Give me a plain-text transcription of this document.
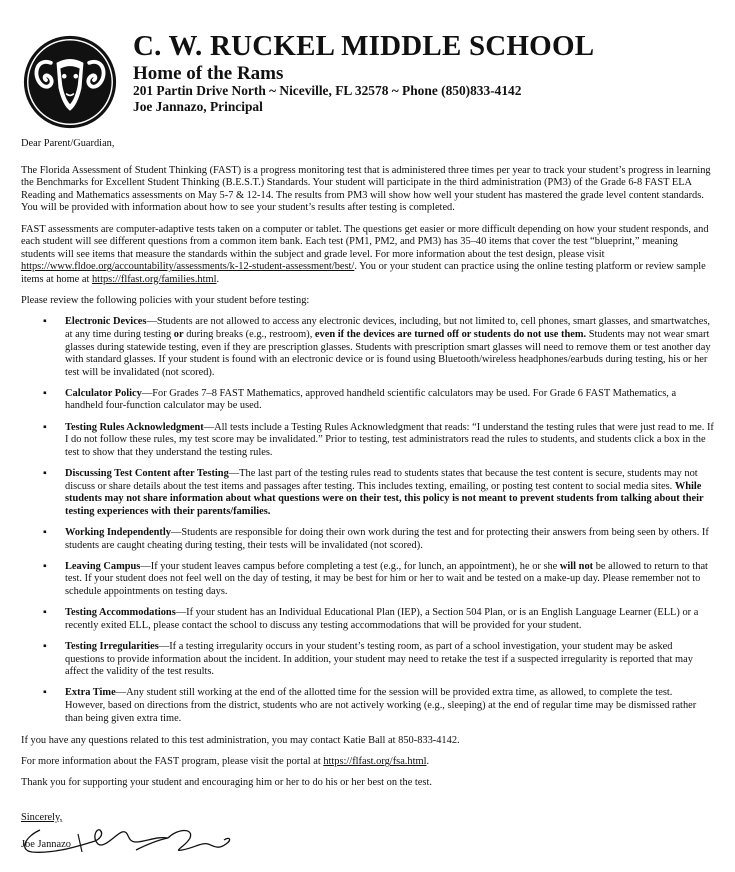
C. W. RUCKEL MIDDLE SCHOOL
Home of the Rams
201 Partin Drive North ~ Niceville, FL 32578 ~ Phone (850)833-4142
Joe Jannazo, Principal

Dear Parent/Guardian,

The Florida Assessment of Student Thinking (FAST) is a progress monitoring test that is administered three times per year to track your student’s progress in learning the Benchmarks for Excellent Student Thinking (B.E.S.T.) Standards. Your student will participate in the third administration (PM3) of the Grade 6-8 FAST ELA Reading and Mathematics assessments on May 5-7 & 12-14. The results from PM3 will show how well your student has mastered the grade level content standards. You will be provided with information about how to see your student’s results after testing is completed.

FAST assessments are computer-adaptive tests taken on a computer or tablet. The questions get easier or more difficult depending on how your student responds, and each student will see different questions from a common item bank. Each test (PM1, PM2, and PM3) has 35–40 items that cover the test “blueprint,” meaning students will see items that measure the standards within the subject and grade level. For more information about the test design, please visit https://www.fldoe.org/accountability/assessments/k-12-student-assessment/best/. You or your student can practice using the online testing platform or review sample items at home at https://flfast.org/families.html.

Please review the following policies with your student before testing:

▪ Electronic Devices—Students are not allowed to access any electronic devices, including, but not limited to, cell phones, smart glasses, and smartwatches, at any time during testing or during breaks (e.g., restroom), even if the devices are turned off or students do not use them. Students may not wear smart glasses during statewide testing, even if they are prescription glasses. Students with prescription smart glasses will need to remove them or test another day with standard glasses. If your student is found with an electronic device or is found using Bluetooth/wireless headphones/earbuds during testing, his or her test will be invalidated (not scored).
▪ Calculator Policy—For Grades 7–8 FAST Mathematics, approved handheld scientific calculators may be used. For Grade 6 FAST Mathematics, a handheld four-function calculator may be used.
▪ Testing Rules Acknowledgment—All tests include a Testing Rules Acknowledgment that reads: “I understand the testing rules that were just read to me. If I do not follow these rules, my test score may be invalidated.” Prior to testing, test administrators read the rules to students, and students click a box in the test to show that they understand the testing rules.
▪ Discussing Test Content after Testing—The last part of the testing rules read to students states that because the test content is secure, students may not discuss or share details about the test items and passages after testing. This includes texting, emailing, or posting test content to social media sites. While students may not share information about what questions were on their test, this policy is not meant to prevent students from talking about their testing experiences with their parents/families.
▪ Working Independently—Students are responsible for doing their own work during the test and for protecting their answers from being seen by others. If students are caught cheating during testing, their tests will be invalidated (not scored).
▪ Leaving Campus—If your student leaves campus before completing a test (e.g., for lunch, an appointment), he or she will not be allowed to return to that test. If your student does not feel well on the day of testing, it may be best for him or her to wait and be tested on a make-up day. Please remember not to schedule appointments on testing days.
▪ Testing Accommodations—If your student has an Individual Educational Plan (IEP), a Section 504 Plan, or is an English Language Learner (ELL) or a recently exited ELL, please contact the school to discuss any testing accommodations that will be provided for your student.
▪ Testing Irregularities—If a testing irregularity occurs in your student’s testing room, as part of a school investigation, your student may be asked questions to provide information about the incident. In addition, your student may need to retake the test if a suspected irregularity is reported that may affect the validity of the test results.
▪ Extra Time—Any student still working at the end of the allotted time for the session will be provided extra time, as allowed, to complete the test. However, based on directions from the district, students who are not actively working (e.g., sleeping) at the end of regular time may be dismissed rather than being given extra time.

If you have any questions related to this test administration, you may contact Katie Ball at 850-833-4142.

For more information about the FAST program, please visit the portal at https://flfast.org/fsa.html.

Thank you for supporting your student and encouraging him or her to do his or her best on the test.

Sincerely,
Joe Jannazo
